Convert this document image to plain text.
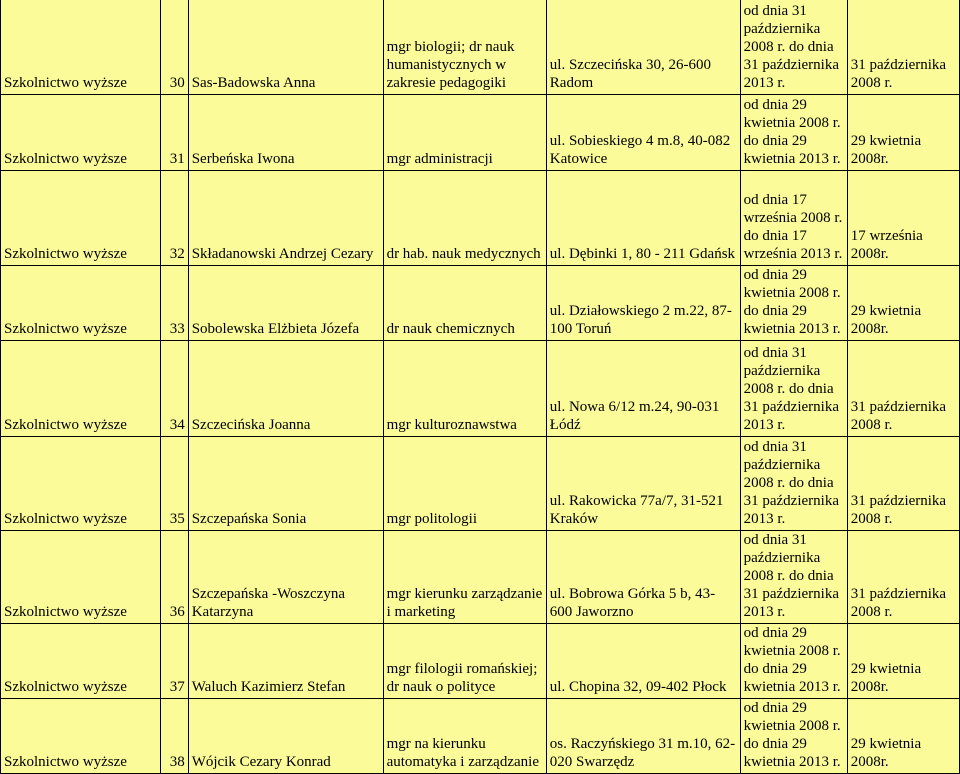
Szkolnictwo wyższe	30	Sas-Badowska Anna	mgr biologii; dr nauk humanistycznych w zakresie pedagogiki	ul. Szczecińska 30, 26-600 Radom	od dnia 31 października 2008 r. do dnia 31 października 2013 r.	31 października 2008 r.
Szkolnictwo wyższe	31	Serbeńska Iwona	mgr administracji	ul. Sobieskiego 4 m.8, 40-082 Katowice	od dnia 29 kwietnia 2008 r. do dnia 29 kwietnia 2013 r.	29 kwietnia 2008r.
Szkolnictwo wyższe	32	Składanowski Andrzej Cezary	dr hab. nauk medycznych	ul. Dębinki 1, 80 - 211 Gdańsk	od dnia 17 września 2008 r. do dnia 17 września 2013 r.	17 września 2008r.
Szkolnictwo wyższe	33	Sobolewska Elżbieta Józefa	dr nauk chemicznych	ul. Działowskiego 2 m.22, 87-100 Toruń	od dnia 29 kwietnia 2008 r. do dnia 29 kwietnia 2013 r.	29 kwietnia 2008r.
Szkolnictwo wyższe	34	Szczecińska Joanna	mgr kulturoznawstwa	ul. Nowa 6/12 m.24, 90-031 Łódź	od dnia 31 października 2008 r. do dnia 31 października 2013 r.	31 października 2008 r.
Szkolnictwo wyższe	35	Szczepańska Sonia	mgr politologii	ul. Rakowicka 77a/7, 31-521 Kraków	od dnia 31 października 2008 r. do dnia 31 października 2013 r.	31 października 2008 r.
Szkolnictwo wyższe	36	Szczepańska -Woszczyna Katarzyna	mgr kierunku zarządzanie i marketing	ul. Bobrowa Górka 5 b, 43-600 Jaworzno	od dnia 31 października 2008 r. do dnia 31 października 2013 r.	31 października 2008 r.
Szkolnictwo wyższe	37	Waluch Kazimierz Stefan	mgr filologii romańskiej; dr nauk o polityce	ul. Chopina 32, 09-402 Płock	od dnia 29 kwietnia 2008 r. do dnia 29 kwietnia 2013 r.	29 kwietnia 2008r.
Szkolnictwo wyższe	38	Wójcik Cezary Konrad	mgr na kierunku automatyka i zarządzanie	os. Raczyńskiego 31 m.10, 62-020 Swarzędz	od dnia 29 kwietnia 2008 r. do dnia 29 kwietnia 2013 r.	29 kwietnia 2008r.
